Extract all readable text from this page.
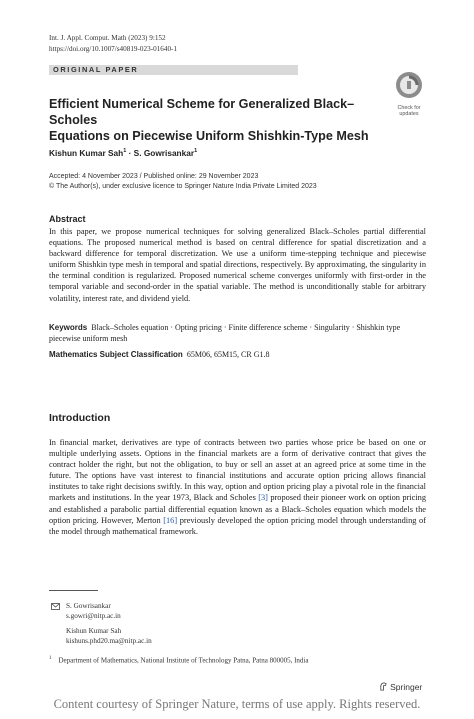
Int. J. Appl. Comput. Math (2023) 9:152
https://doi.org/10.1007/s40819-023-01640-1
ORIGINAL PAPER
Check for
updates
Efficient Numerical Scheme for Generalized Black–Scholes
Equations on Piecewise Uniform Shishkin-Type Mesh
Kishun Kumar Sah$^1$ · S. Gowrisankar$^1$
Accepted: 4 November 2023 / Published online: 29 November 2023
© The Author(s), under exclusive licence to Springer Nature India Private Limited 2023
Abstract
In this paper, we propose numerical techniques for solving generalized Black–Scholes partial differential equations. The proposed numerical method is based on central difference for spatial discretization and a backward difference for temporal discretization. We use a uniform time-stepping technique and piecewise uniform Shishkin type mesh in temporal and spatial directions, respectively. By approximating, the singularity in the terminal condition is regularized. Proposed numerical scheme converges uniformly with first-order in the temporal variable and second-order in the spatial variable. The method is unconditionally stable for arbitrary volatility, interest rate, and dividend yield.
Keywords Black–Scholes equation · Opting pricing · Finite difference scheme · Singularity · Shishkin type piecewise uniform mesh
Mathematics Subject Classification 65M06, 65M15, CR G1.8
Introduction
In financial market, derivatives are type of contracts between two parties whose price be based on one or multiple underlying assets. Options in the financial markets are a form of derivative contract that gives the contract holder the right, but not the obligation, to buy or sell an asset at an agreed price at some time in the future. The options have vast interest to financial institutions and accurate option pricing allows financial institutes to take right decisions swiftly. In this way, option and option pricing play a pivotal role in the financial markets and institutions. In the year 1973, Black and Scholes [3] proposed their pioneer work on option pricing and established a parabolic partial differential equation known as a Black–Scholes equation which models the option pricing. However, Merton [16] previously developed the option pricing model through understanding of the model through mathematical framework.
S. Gowrisankar
s.gowri@nitp.ac.in
Kishun Kumar Sah
kishuns.phd20.ma@nitp.ac.in
$^1$ Department of Mathematics, National Institute of Technology Patna, Patna 800005, India
Springer
Content courtesy of Springer Nature, terms of use apply. Rights reserved.
